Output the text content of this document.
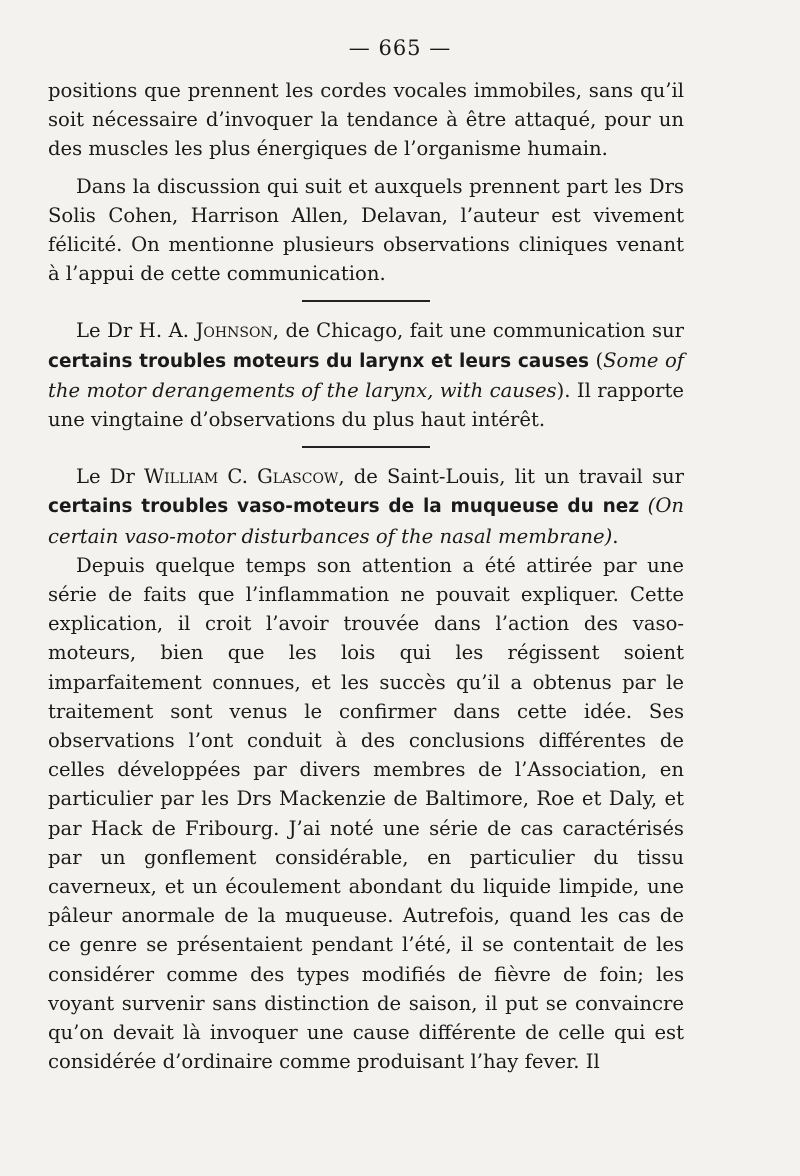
— 665 —

positions que prennent les cordes vocales immobiles, sans qu’il soit nécessaire d’invoquer la tendance à être attaqué, pour un des muscles les plus énergiques de l’organisme humain.

Dans la discussion qui suit et auxquels prennent part les Drs Solis Cohen, Harrison Allen, Delavan, l’auteur est vivement félicité. On mentionne plusieurs observations cliniques venant à l’appui de cette communication.

Le Dr H. A. Johnson, de Chicago, fait une communication sur certains troubles moteurs du larynx et leurs causes (Some of the motor derangements of the larynx, with causes). Il rapporte une vingtaine d’observations du plus haut intérêt.

Le Dr William C. Glascow, de Saint-Louis, lit un travail sur certains troubles vaso-moteurs de la muqueuse du nez (On certain vaso-motor disturbances of the nasal membrane).

Depuis quelque temps son attention a été attirée par une série de faits que l’inflammation ne pouvait expliquer. Cette explication, il croit l’avoir trouvée dans l’action des vaso-moteurs, bien que les lois qui les régissent soient imparfaitement connues, et les succès qu’il a obtenus par le traitement sont venus le confirmer dans cette idée. Ses observations l’ont conduit à des conclusions différentes de celles développées par divers membres de l’Association, en particulier par les Drs Mackenzie de Baltimore, Roe et Daly, et par Hack de Fribourg. J’ai noté une série de cas caractérisés par un gonflement considérable, en particulier du tissu caverneux, et un écoulement abondant du liquide limpide, une pâleur anormale de la muqueuse. Autrefois, quand les cas de ce genre se présentaient pendant l’été, il se contentait de les considérer comme des types modifiés de fièvre de foin; les voyant survenir sans distinction de saison, il put se convaincre qu’on devait là invoquer une cause différente de celle qui est considérée d’ordinaire comme produisant l’hay fever. Il
